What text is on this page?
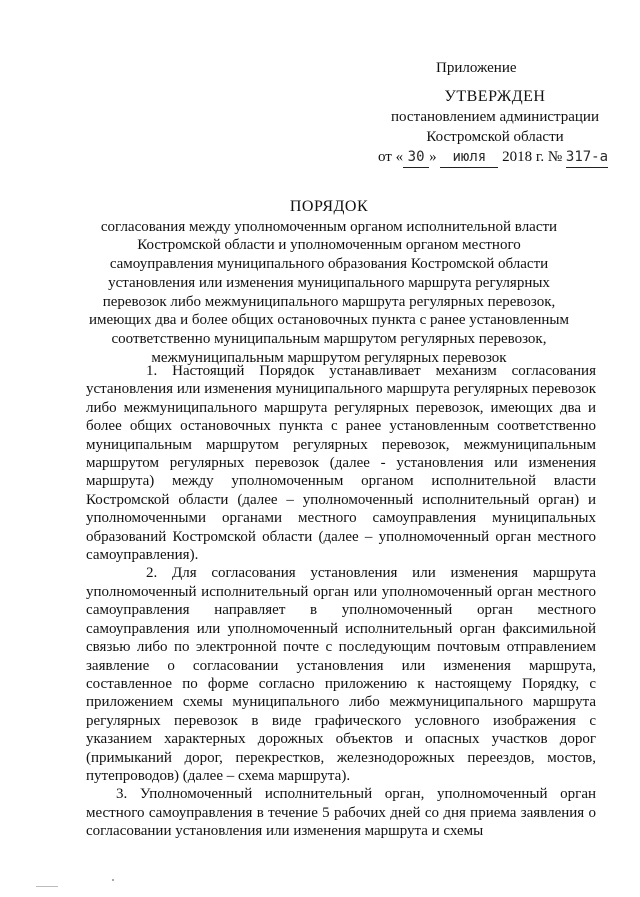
Приложение
УТВЕРЖДЕН
постановлением администрации
Костромской области
от « 30 » июля 2018 г. № 317-а
ПОРЯДОК
согласования между уполномоченным органом исполнительной власти
Костромской области и уполномоченным органом местного
самоуправления муниципального образования Костромской области
установления или изменения муниципального маршрута регулярных
перевозок либо межмуниципального маршрута регулярных перевозок,
имеющих два и более общих остановочных пункта с ранее установленным
соответственно муниципальным маршрутом регулярных перевозок,
межмуниципальным маршрутом регулярных перевозок

1. Настоящий Порядок устанавливает механизм согласования установления или изменения муниципального маршрута регулярных перевозок либо межмуниципального маршрута регулярных перевозок, имеющих два и более общих остановочных пункта с ранее установленным соответственно муниципальным маршрутом регулярных перевозок, межмуниципальным маршрутом регулярных перевозок (далее - установления или изменения маршрута) между уполномоченным органом исполнительной власти Костромской области (далее – уполномоченный исполнительный орган) и уполномоченными органами местного самоуправления муниципальных образований Костромской области (далее – уполномоченный орган местного самоуправления).

2. Для согласования установления или изменения маршрута уполномоченный исполнительный орган или уполномоченный орган местного самоуправления направляет в уполномоченный орган местного самоуправления или уполномоченный исполнительный орган факсимильной связью либо по электронной почте с последующим почтовым отправлением заявление о согласовании установления или изменения маршрута, составленное по форме согласно приложению к настоящему Порядку, с приложением схемы муниципального либо межмуниципального маршрута регулярных перевозок в виде графического условного изображения с указанием характерных дорожных объектов и опасных участков дорог (примыканий дорог, перекрестков, железнодорожных переездов, мостов, путепроводов) (далее – схема маршрута).

3. Уполномоченный исполнительный орган, уполномоченный орган местного самоуправления в течение 5 рабочих дней со дня приема заявления о согласовании установления или изменения маршрута и схемы
